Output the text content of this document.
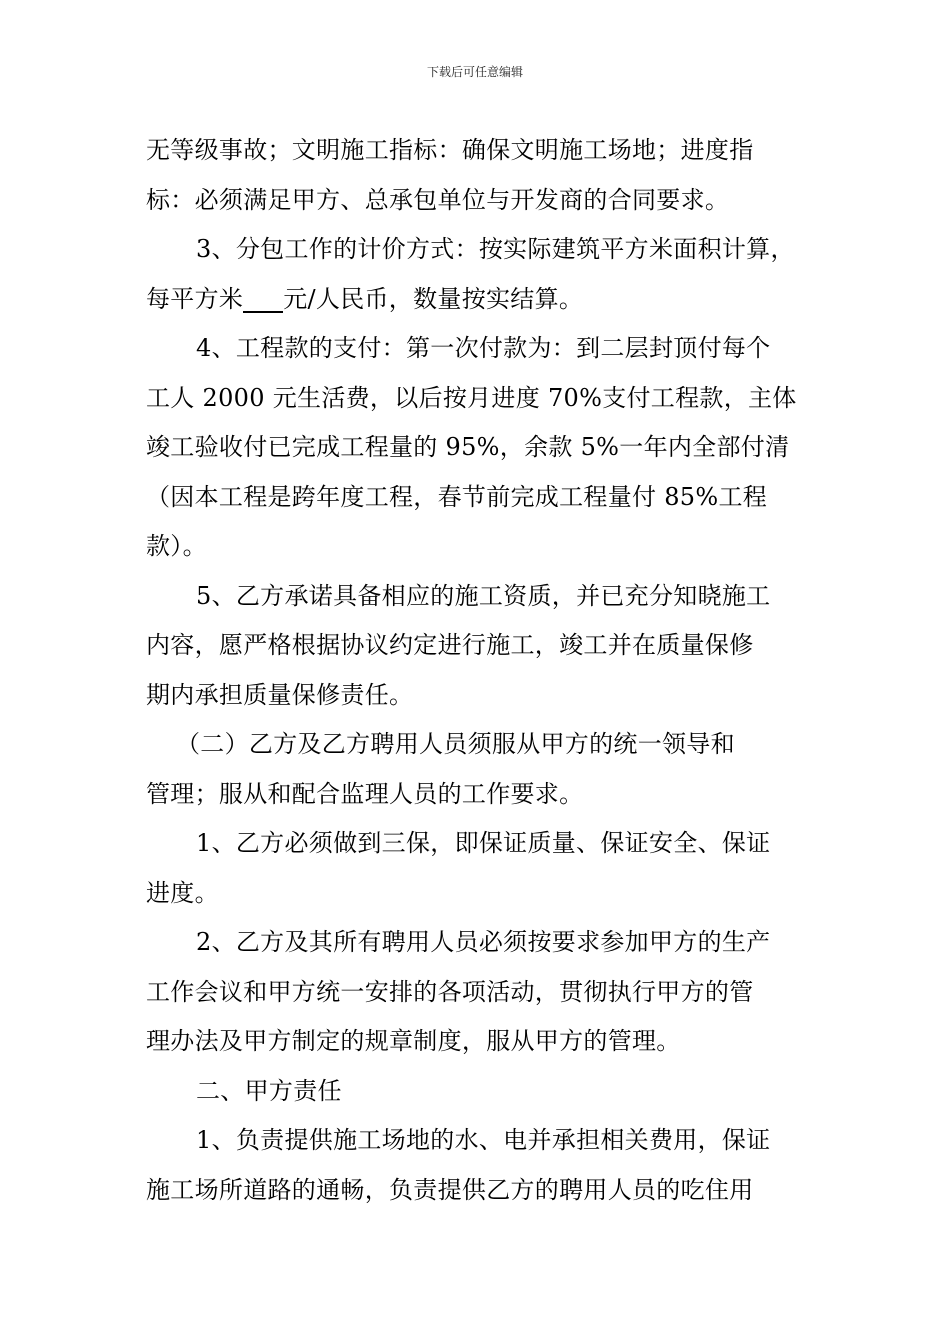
下载后可任意编辑
无等级事故；文明施工指标：确保文明施工场地；进度指
标：必须满足甲方、总承包单位与开发商的合同要求。
3、分包工作的计价方式：按实际建筑平方米面积计算，
每平方米 元/人民币，数量按实结算。
4、工程款的支付：第一次付款为：到二层封顶付每个
工人 2000 元生活费，以后按月进度 70%支付工程款，主体
竣工验收付已完成工程量的 95%，余款 5%一年内全部付清
（因本工程是跨年度工程，春节前完成工程量付 85%工程
款）。
5、乙方承诺具备相应的施工资质，并已充分知晓施工
内容，愿严格根据协议约定进行施工，竣工并在质量保修
期内承担质量保修责任。
（二）乙方及乙方聘用人员须服从甲方的统一领导和
管理；服从和配合监理人员的工作要求。
1、乙方必须做到三保，即保证质量、保证安全、保证
进度。
2、乙方及其所有聘用人员必须按要求参加甲方的生产
工作会议和甲方统一安排的各项活动，贯彻执行甲方的管
理办法及甲方制定的规章制度，服从甲方的管理。
二、甲方责任
1、负责提供施工场地的水、电并承担相关费用，保证
施工场所道路的通畅，负责提供乙方的聘用人员的吃住用
